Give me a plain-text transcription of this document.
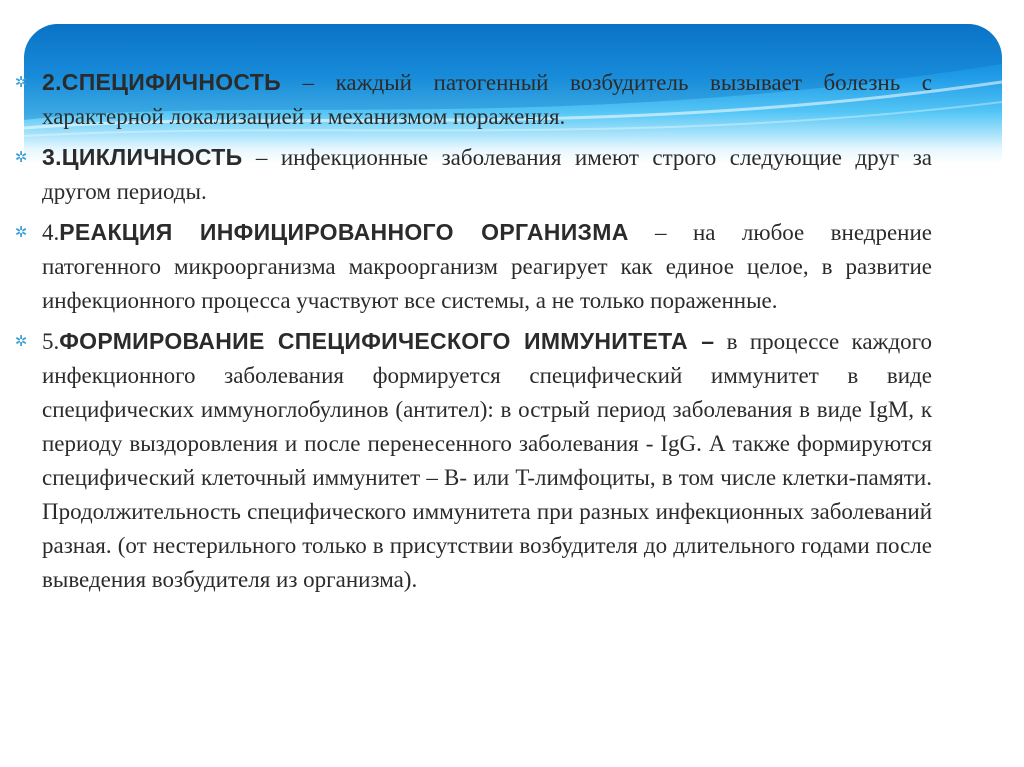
✲ 2.СПЕЦИФИЧНОСТЬ – каждый патогенный возбудитель вызывает болезнь с характерной локализацией и механизмом поражения.
✲ 3.ЦИКЛИЧНОСТЬ – инфекционные заболевания имеют строго следующие друг за другом периоды.
✲ 4.РЕАКЦИЯ ИНФИЦИРОВАННОГО ОРГАНИЗМА – на любое внедрение патогенного микроорганизма макроорганизм реагирует как единое целое, в развитие инфекционного процесса участвуют все системы, а не только пораженные.
✲ 5.ФОРМИРОВАНИЕ СПЕЦИФИЧЕСКОГО ИММУНИТЕТА – в процессе каждого инфекционного заболевания формируется специфический иммунитет в виде специфических иммуноглобулинов (антител): в острый период заболевания в виде IgM, к периоду выздоровления и после перенесенного заболевания - IgG. А также формируются специфический клеточный иммунитет – B- или T-лимфоциты, в том числе клетки-памяти. Продолжительность специфического иммунитета при разных инфекционных заболеваний разная. (от нестерильного только в присутствии возбудителя до длительного годами после выведения возбудителя из организма).
